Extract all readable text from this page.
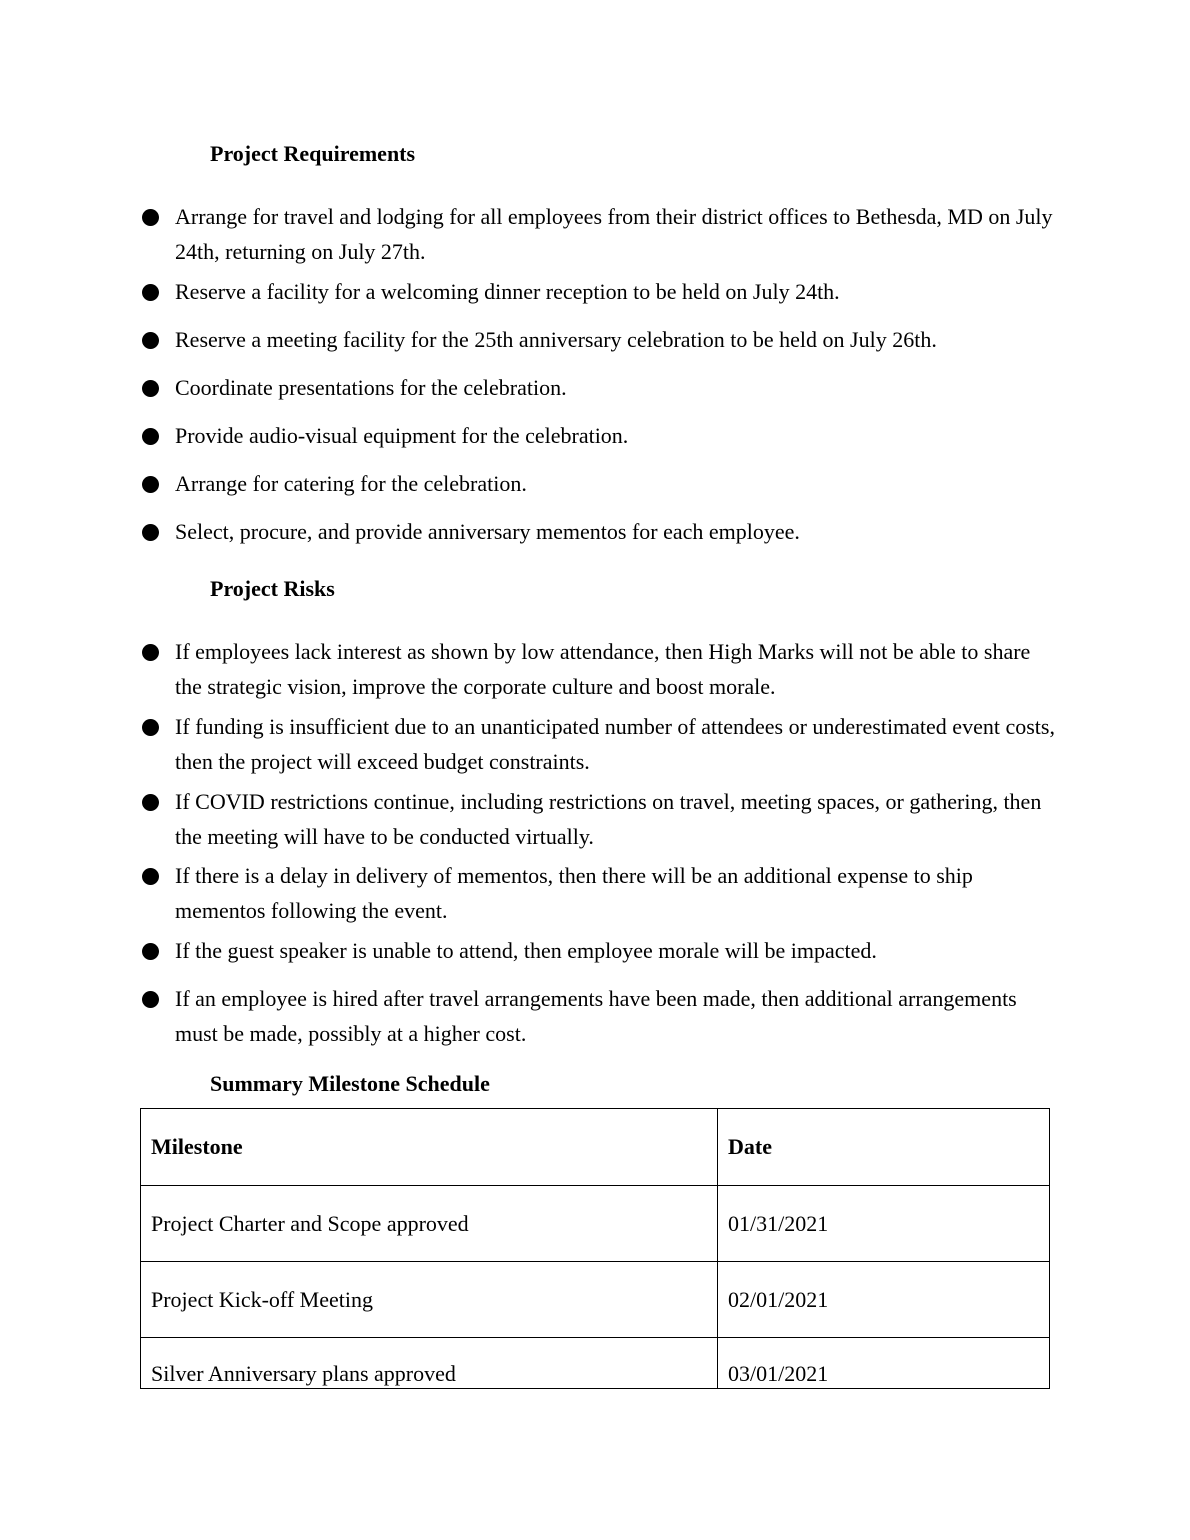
Project Requirements
Arrange for travel and lodging for all employees from their district offices to Bethesda, MD on July 24th, returning on July 27th.
Reserve a facility for a welcoming dinner reception to be held on July 24th.
Reserve a meeting facility for the 25th anniversary celebration to be held on July 26th.
Coordinate presentations for the celebration.
Provide audio-visual equipment for the celebration.
Arrange for catering for the celebration.
Select, procure, and provide anniversary mementos for each employee.
Project Risks
If employees lack interest as shown by low attendance, then High Marks will not be able to share the strategic vision, improve the corporate culture and boost morale.
If funding is insufficient due to an unanticipated number of attendees or underestimated event costs, then the project will exceed budget constraints.
If COVID restrictions continue, including restrictions on travel, meeting spaces, or gathering, then the meeting will have to be conducted virtually.
If there is a delay in delivery of mementos, then there will be an additional expense to ship mementos following the event.
If the guest speaker is unable to attend, then employee morale will be impacted.
If an employee is hired after travel arrangements have been made, then additional arrangements must be made, possibly at a higher cost.
Summary Milestone Schedule
Milestone	Date
Project Charter and Scope approved	01/31/2021
Project Kick-off Meeting	02/01/2021
Silver Anniversary plans approved	03/01/2021
